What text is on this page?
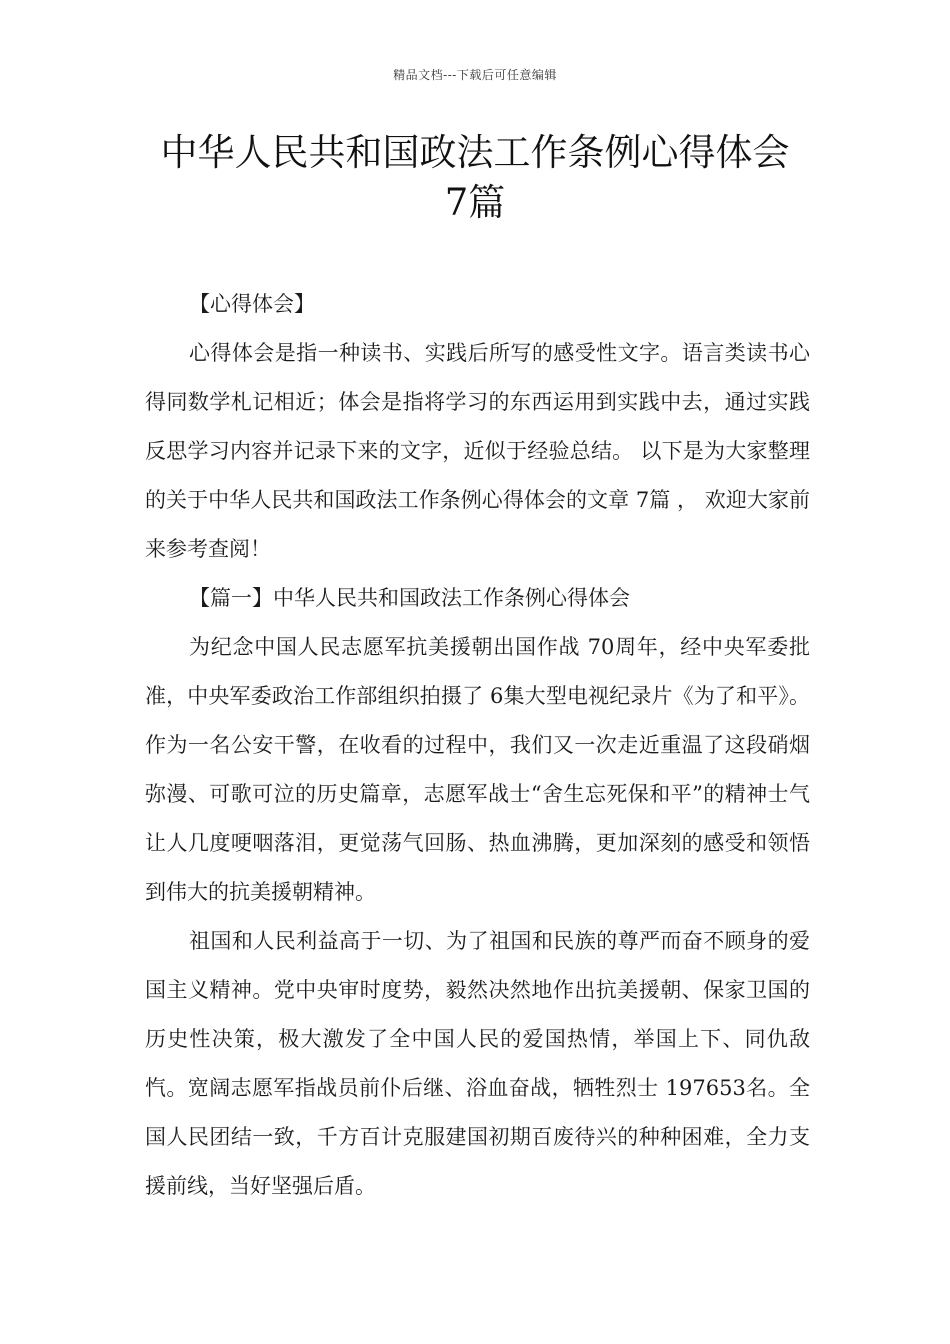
精品文档---下载后可任意编辑
中华人民共和国政法工作条例心得体会
7篇

【心得体会】

心得体会是指一种读书、实践后所写的感受性文字。语言类读书心得同数学札记相近；体会是指将学习的东西运用到实践中去，通过实践反思学习内容并记录下来的文字，近似于经验总结。 以下是为大家整理的关于中华人民共和国政法工作条例心得体会的文章 7篇 ， 欢迎大家前来参考查阅！

【篇一】中华人民共和国政法工作条例心得体会

为纪念中国人民志愿军抗美援朝出国作战 70周年，经中央军委批准，中央军委政治工作部组织拍摄了 6集大型电视纪录片《为了和平》。作为一名公安干警，在收看的过程中，我们又一次走近重温了这段硝烟弥漫、可歌可泣的历史篇章，志愿军战士“舍生忘死保和平”的精神士气让人几度哽咽落泪，更觉荡气回肠、热血沸腾，更加深刻的感受和领悟到伟大的抗美援朝精神。

祖国和人民利益高于一切、为了祖国和民族的尊严而奋不顾身的爱国主义精神。党中央审时度势，毅然决然地作出抗美援朝、保家卫国的历史性决策，极大激发了全中国人民的爱国热情，举国上下、同仇敌忾。宽阔志愿军指战员前仆后继、浴血奋战，牺牲烈士 197653名。全国人民团结一致，千方百计克服建国初期百废待兴的种种困难，全力支援前线，当好坚强后盾。
